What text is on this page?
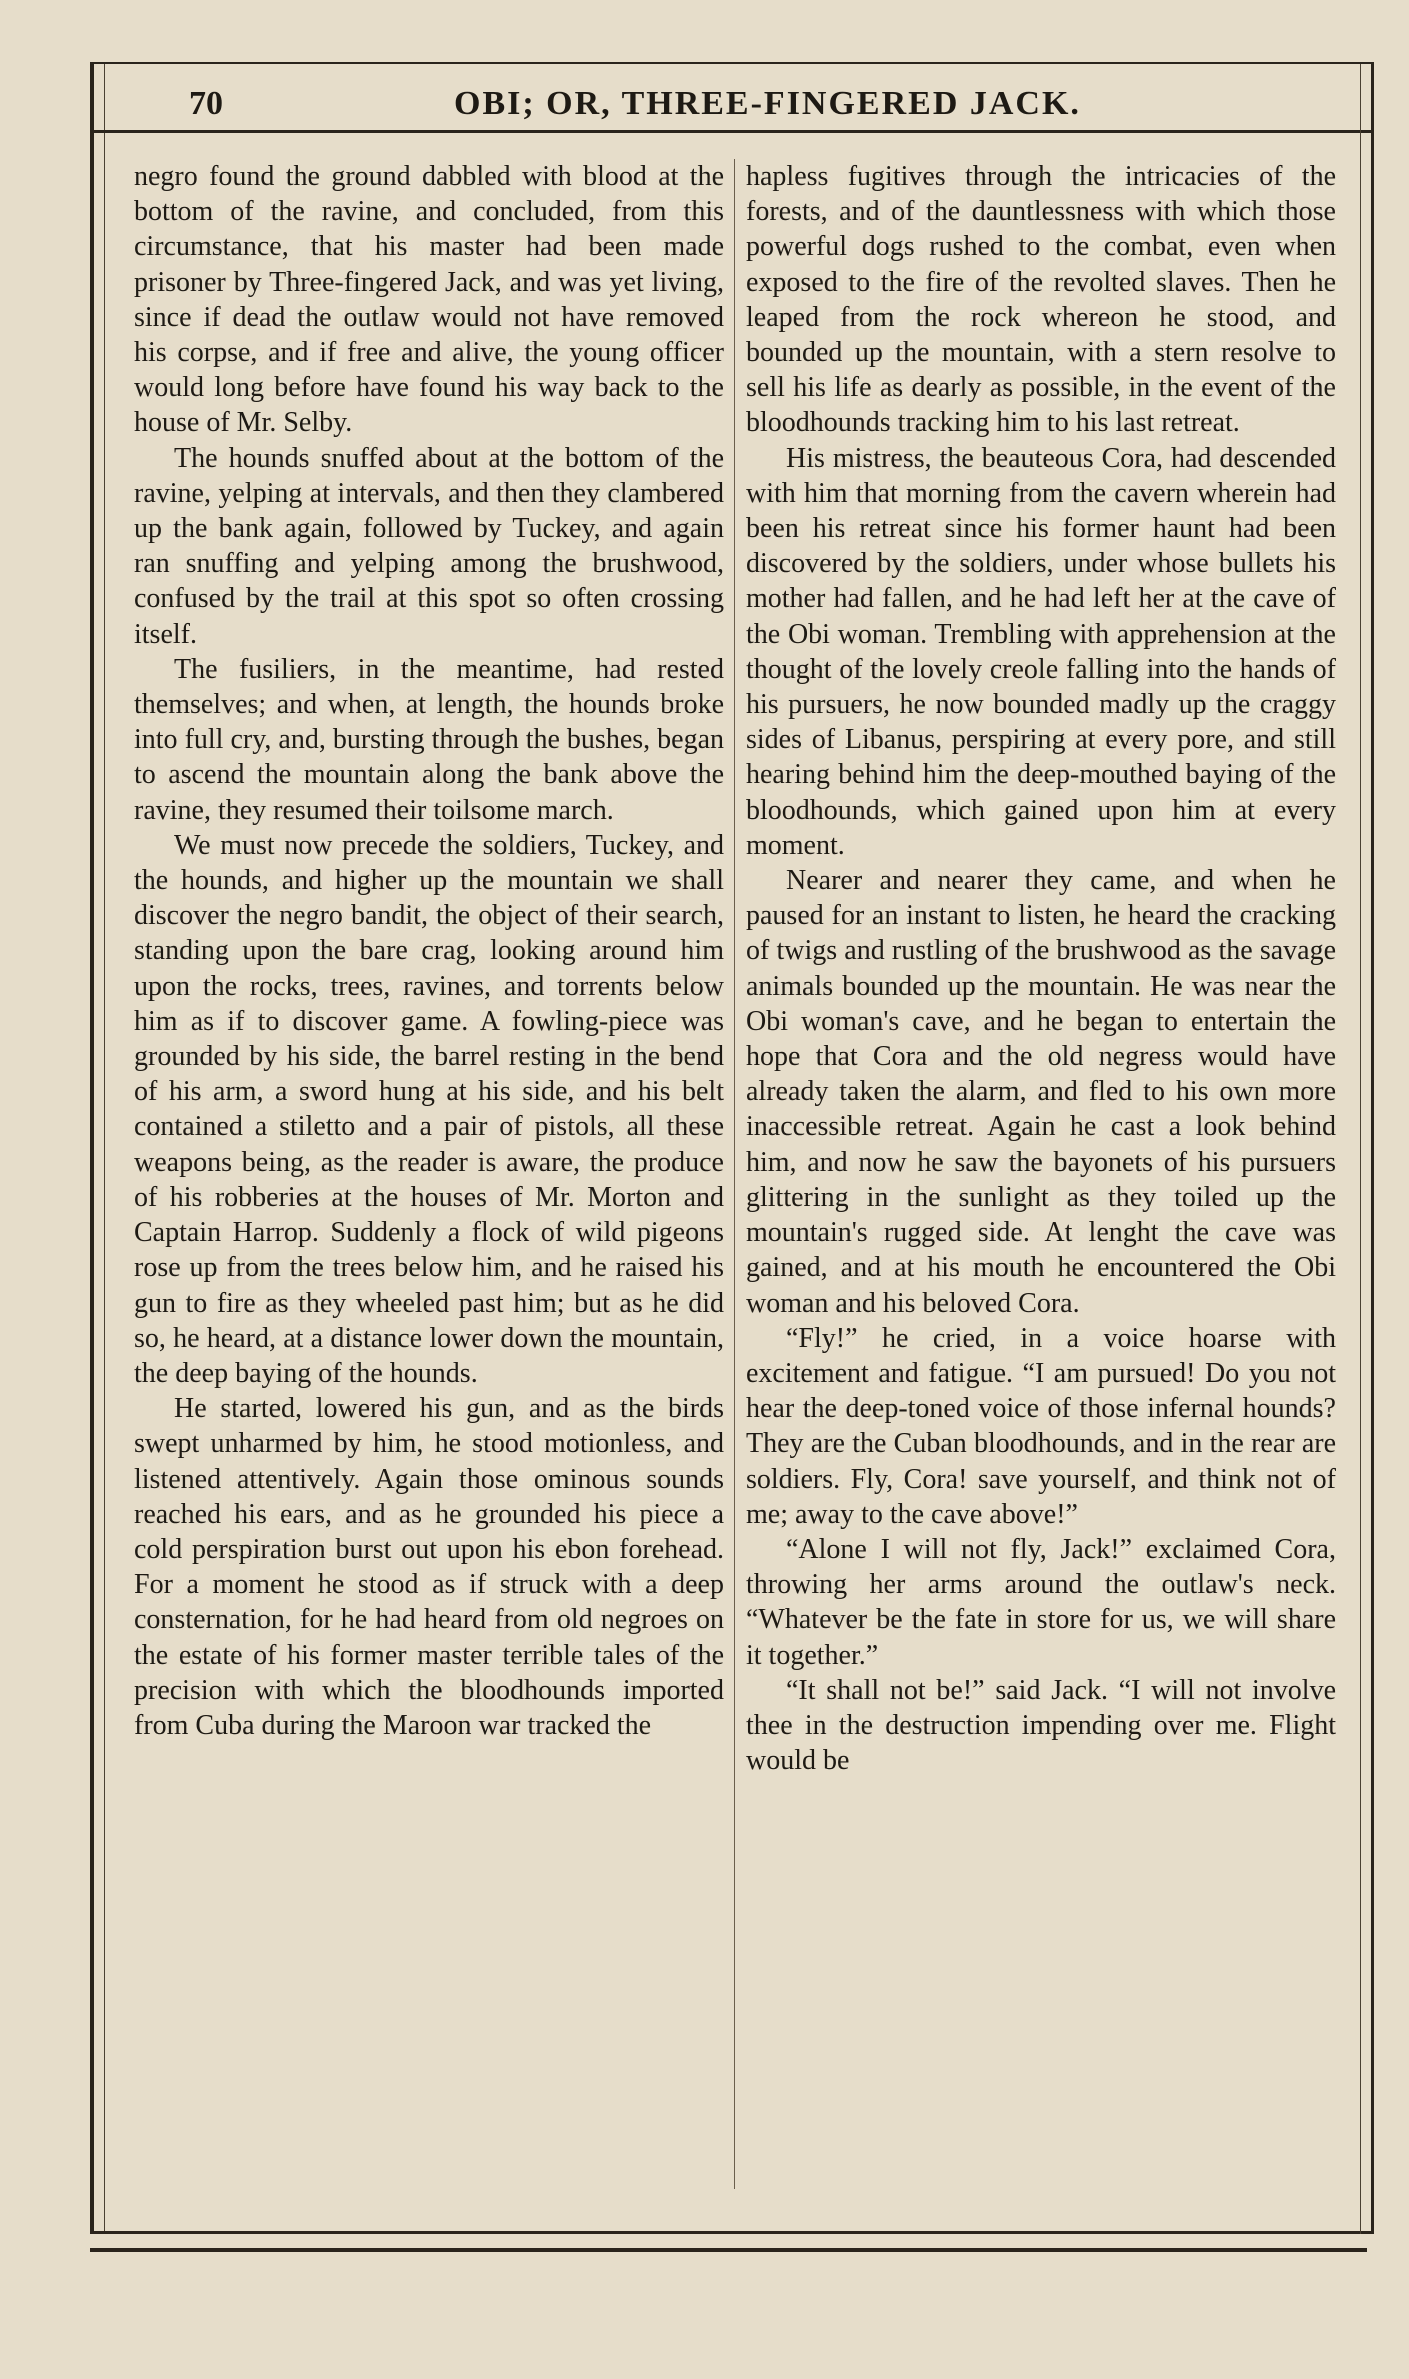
70	OBI; OR, THREE-FINGERED JACK.

negro found the ground dabbled with blood at the bottom of the ravine, and concluded, from this circumstance, that his master had been made prisoner by Three-fingered Jack, and was yet living, since if dead the outlaw would not have removed his corpse, and if free and alive, the young officer would long before have found his way back to the house of Mr. Selby.

The hounds snuffed about at the bottom of the ravine, yelping at intervals, and then they clambered up the bank again, followed by Tuckey, and again ran snuffing and yelping among the brushwood, confused by the trail at this spot so often crossing itself.

The fusiliers, in the meantime, had rested themselves; and when, at length, the hounds broke into full cry, and, bursting through the bushes, began to ascend the mountain along the bank above the ravine, they resumed their toilsome march.

We must now precede the soldiers, Tuckey, and the hounds, and higher up the mountain we shall discover the negro bandit, the object of their search, standing upon the bare crag, looking around him upon the rocks, trees, ravines, and torrents below him as if to discover game. A fowling-piece was grounded by his side, the barrel resting in the bend of his arm, a sword hung at his side, and his belt contained a stiletto and a pair of pistols, all these weapons being, as the reader is aware, the produce of his robberies at the houses of Mr. Morton and Captain Harrop. Suddenly a flock of wild pigeons rose up from the trees below him, and he raised his gun to fire as they wheeled past him; but as he did so, he heard, at a distance lower down the mountain, the deep baying of the hounds.

He started, lowered his gun, and as the birds swept unharmed by him, he stood motionless, and listened attentively. Again those ominous sounds reached his ears, and as he grounded his piece a cold perspiration burst out upon his ebon forehead. For a moment he stood as if struck with a deep consternation, for he had heard from old negroes on the estate of his former master terrible tales of the precision with which the bloodhounds imported from Cuba during the Maroon war tracked the

hapless fugitives through the intricacies of the forests, and of the dauntlessness with which those powerful dogs rushed to the combat, even when exposed to the fire of the revolted slaves. Then he leaped from the rock whereon he stood, and bounded up the mountain, with a stern resolve to sell his life as dearly as possible, in the event of the bloodhounds tracking him to his last retreat.

His mistress, the beauteous Cora, had descended with him that morning from the cavern wherein had been his retreat since his former haunt had been discovered by the soldiers, under whose bullets his mother had fallen, and he had left her at the cave of the Obi woman. Trembling with apprehension at the thought of the lovely creole falling into the hands of his pursuers, he now bounded madly up the craggy sides of Libanus, perspiring at every pore, and still hearing behind him the deep-mouthed baying of the bloodhounds, which gained upon him at every moment.

Nearer and nearer they came, and when he paused for an instant to listen, he heard the cracking of twigs and rustling of the brushwood as the savage animals bounded up the mountain. He was near the Obi woman's cave, and he began to entertain the hope that Cora and the old negress would have already taken the alarm, and fled to his own more inaccessible retreat. Again he cast a look behind him, and now he saw the bayonets of his pursuers glittering in the sunlight as they toiled up the mountain's rugged side. At lenght the cave was gained, and at his mouth he encountered the Obi woman and his beloved Cora.

“Fly!” he cried, in a voice hoarse with excitement and fatigue. “I am pursued! Do you not hear the deep-toned voice of those infernal hounds? They are the Cuban bloodhounds, and in the rear are soldiers. Fly, Cora! save yourself, and think not of me; away to the cave above!”

“Alone I will not fly, Jack!” exclaimed Cora, throwing her arms around the outlaw's neck. “Whatever be the fate in store for us, we will share it together.”

“It shall not be!” said Jack. “I will not involve thee in the destruction impending over me. Flight would be
